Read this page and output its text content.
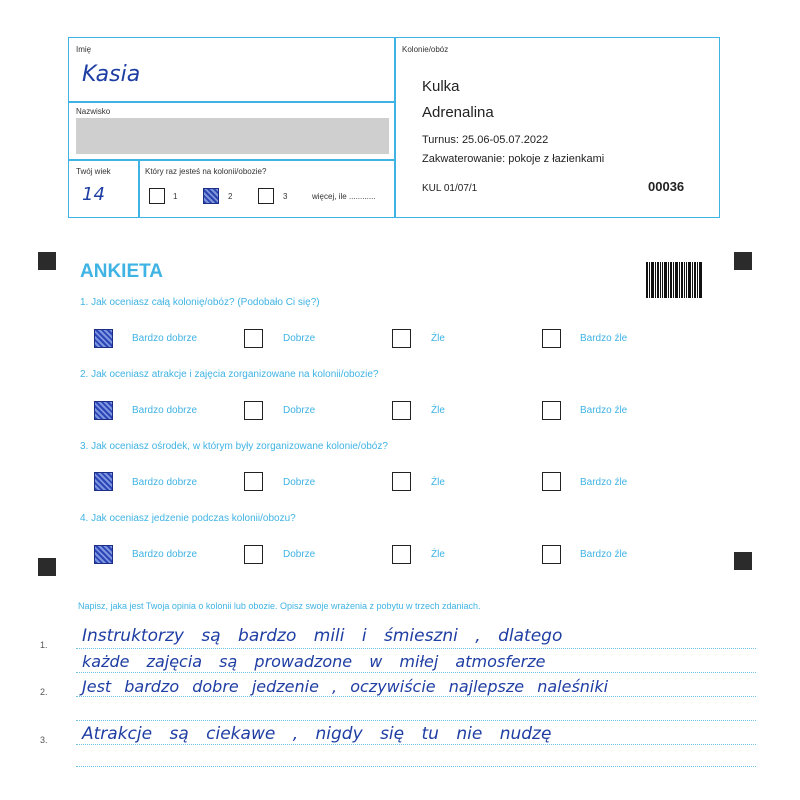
Imię
Kasia
Nazwisko
Twój wiek
14
Który raz jesteś na kolonii/obozie?
1	2	3	więcej, ile ............
Kolonie/obóz
Kulka
Adrenalina
Turnus: 25.06-05.07.2022
Zakwaterowanie: pokoje z łazienkami
KUL 01/07/1	00036
ANKIETA
1. Jak oceniasz całą kolonię/obóz? (Podobało Ci się?)
Bardzo dobrze	Dobrze	Źle	Bardzo źle
2. Jak oceniasz atrakcje i zajęcia zorganizowane na kolonii/obozie?
Bardzo dobrze	Dobrze	Źle	Bardzo źle
3. Jak oceniasz ośrodek, w którym były zorganizowane kolonie/obóz?
Bardzo dobrze	Dobrze	Źle	Bardzo źle
4. Jak oceniasz jedzenie podczas kolonii/obozu?
Bardzo dobrze	Dobrze	Źle	Bardzo źle
Napisz, jaka jest Twoja opinia o kolonii lub obozie. Opisz swoje wrażenia z pobytu w trzech zdaniach.
1.
2.
3.
Instruktorzy są bardzo mili i śmieszni , dlatego
każde zajęcia są prowadzone w miłej atmosferze
Jest bardzo dobre jedzenie , oczywiście najlepsze naleśniki
Atrakcje są ciekawe , nigdy się tu nie nudzę
